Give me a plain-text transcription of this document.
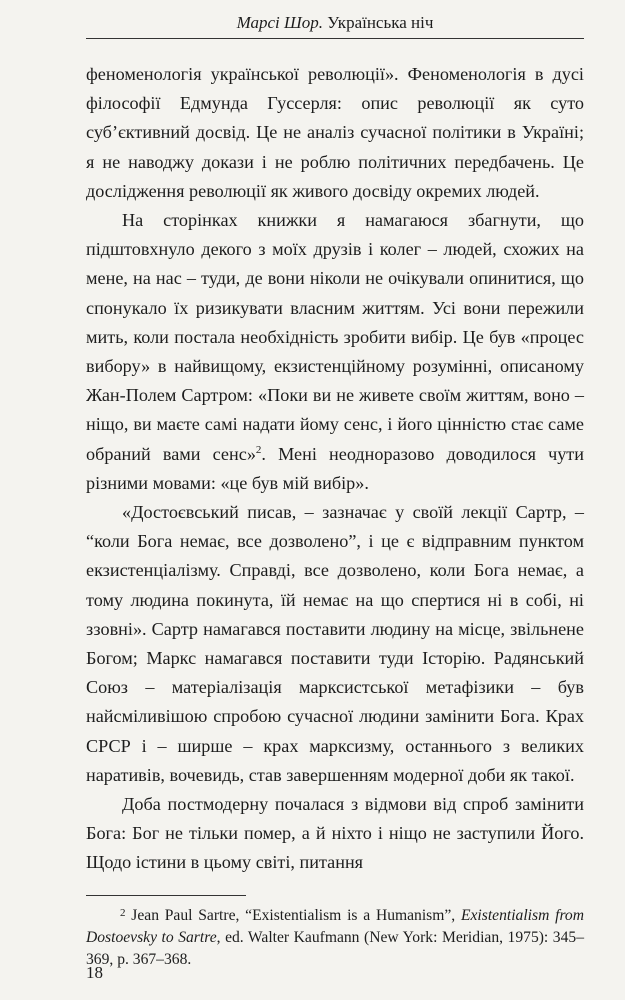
Марсі Шор. Українська ніч

феноменологія української революції». Феноменологія в дусі філософії Едмунда Гуссерля: опис революції як суто суб’єктивний досвід. Це не аналіз сучасної політики в Україні; я не наводжу докази і не роблю політичних передбачень. Це дослідження революції як живого досвіду окремих людей.

На сторінках книжки я намагаюся збагнути, що підштовхнуло декого з моїх друзів і колег – людей, схожих на мене, на нас – туди, де вони ніколи не очікували опинитися, що спонукало їх ризикувати власним життям. Усі вони пережили мить, коли постала необхідність зробити вибір. Це був «процес вибору» в найвищому, екзистенційному розумінні, описаному Жан-Полем Сартром: «Поки ви не живете своїм життям, воно – ніщо, ви маєте самі надати йому сенс, і його цінністю стає саме обраний вами сенс»$^2$. Мені неодноразово доводилося чути різними мовами: «це був мій вибір».

«Достоєвський писав, – зазначає у своїй лекції Сартр, – “коли Бога немає, все дозволено”, і це є відправним пунктом екзистенціалізму. Справді, все дозволено, коли Бога немає, а тому людина покинута, їй немає на що спертися ні в собі, ні ззовні». Сартр намагався поставити людину на місце, звільнене Богом; Маркс намагався поставити туди Історію. Радянський Союз – матеріалізація марксистської метафізики – був найсміливішою спробою сучасної людини замінити Бога. Крах СРСР і – ширше – крах марксизму, останнього з великих наративів, вочевидь, став завершенням модерної доби як такої.

Доба постмодерну почалася з відмови від спроб замінити Бога: Бог не тільки помер, а й ніхто і ніщо не заступили Його. Щодо істини в цьому світі, питання

$^2$ Jean Paul Sartre, “Existentialism is a Humanism”, Existentialism from Dostoevsky to Sartre, ed. Walter Kaufmann (New York: Meridian, 1975): 345–369, p. 367–368.
18
